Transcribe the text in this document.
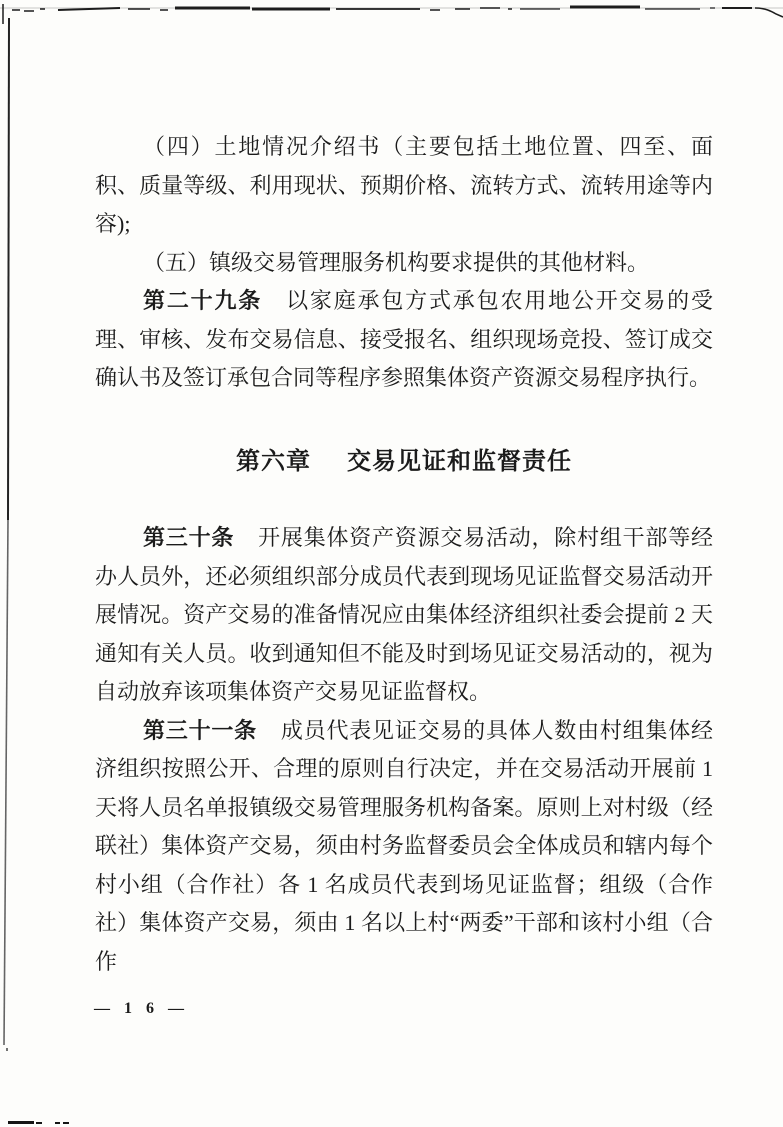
（四）土地情况介绍书（主要包括土地位置、四至、面积、质量等级、利用现状、预期价格、流转方式、流转用途等内容);

（五）镇级交易管理服务机构要求提供的其他材料。

第二十九条 以家庭承包方式承包农用地公开交易的受理、审核、发布交易信息、接受报名、组织现场竞投、签订成交确认书及签订承包合同等程序参照集体资产资源交易程序执行。

第六章 交易见证和监督责任

第三十条 开展集体资产资源交易活动，除村组干部等经办人员外，还必须组织部分成员代表到现场见证监督交易活动开展情况。资产交易的准备情况应由集体经济组织社委会提前 2 天通知有关人员。收到通知但不能及时到场见证交易活动的，视为自动放弃该项集体资产交易见证监督权。

第三十一条 成员代表见证交易的具体人数由村组集体经济组织按照公开、合理的原则自行决定，并在交易活动开展前 1 天将人员名单报镇级交易管理服务机构备案。原则上对村级（经联社）集体资产交易，须由村务监督委员会全体成员和辖内每个村小组（合作社）各 1 名成员代表到场见证监督；组级（合作社）集体资产交易，须由 1 名以上村“两委”干部和该村小组（合作

— 1 6 —
